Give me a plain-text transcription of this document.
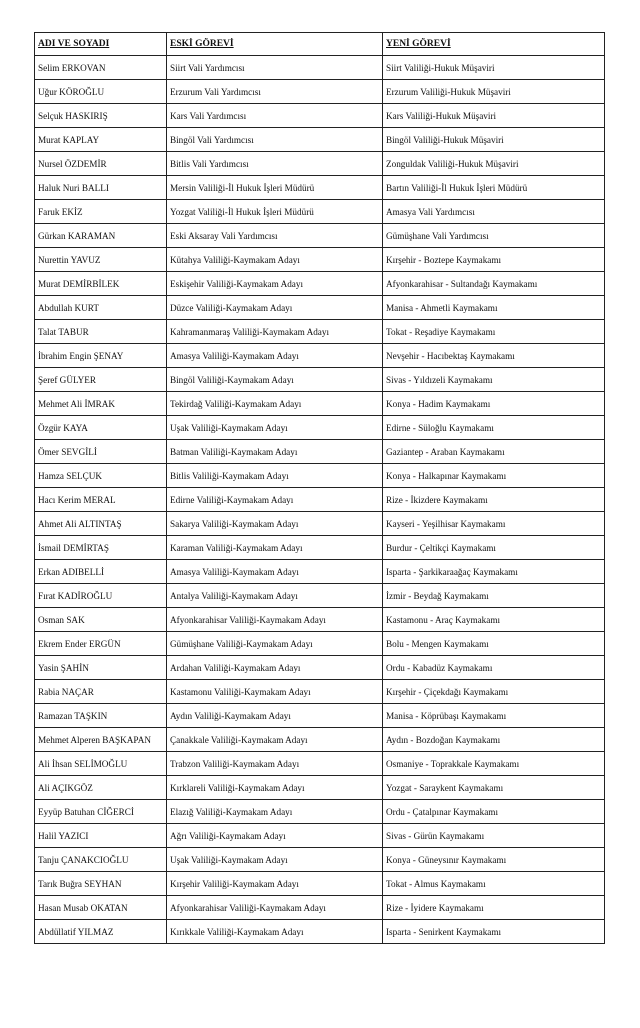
ADI VE SOYADI	ESKİ GÖREVİ	YENİ GÖREVİ
Selim ERKOVAN	Siirt Vali Yardımcısı	Siirt Valiliği-Hukuk Müşaviri
Uğur KÖROĞLU	Erzurum Vali Yardımcısı	Erzurum Valiliği-Hukuk Müşaviri
Selçuk HASKIRIŞ	Kars Vali Yardımcısı	Kars Valiliği-Hukuk Müşaviri
Murat KAPLAY	Bingöl Vali Yardımcısı	Bingöl Valiliği-Hukuk Müşaviri
Nursel ÖZDEMİR	Bitlis Vali Yardımcısı	Zonguldak Valiliği-Hukuk Müşaviri
Haluk Nuri BALLI	Mersin Valiliği-İl Hukuk İşleri Müdürü	Bartın Valiliği-İl Hukuk İşleri Müdürü
Faruk EKİZ	Yozgat Valiliği-İl Hukuk İşleri Müdürü	Amasya Vali Yardımcısı
Gürkan KARAMAN	Eski Aksaray Vali Yardımcısı	Gümüşhane Vali Yardımcısı
Nurettin YAVUZ	Kütahya Valiliği-Kaymakam Adayı	Kırşehir - Boztepe Kaymakamı
Murat DEMİRBİLEK	Eskişehir Valiliği-Kaymakam Adayı	Afyonkarahisar - Sultandağı Kaymakamı
Abdullah KURT	Düzce Valiliği-Kaymakam Adayı	Manisa - Ahmetli Kaymakamı
Talat TABUR	Kahramanmaraş Valiliği-Kaymakam Adayı	Tokat - Reşadiye Kaymakamı
İbrahim Engin ŞENAY	Amasya Valiliği-Kaymakam Adayı	Nevşehir - Hacıbektaş Kaymakamı
Şeref GÜLYER	Bingöl Valiliği-Kaymakam Adayı	Sivas - Yıldızeli Kaymakamı
Mehmet Ali İMRAK	Tekirdağ Valiliği-Kaymakam Adayı	Konya - Hadim Kaymakamı
Özgür KAYA	Uşak Valiliği-Kaymakam Adayı	Edirne - Süloğlu Kaymakamı
Ömer SEVGİLİ	Batman Valiliği-Kaymakam Adayı	Gaziantep - Araban Kaymakamı
Hamza SELÇUK	Bitlis Valiliği-Kaymakam Adayı	Konya - Halkapınar Kaymakamı
Hacı Kerim MERAL	Edirne Valiliği-Kaymakam Adayı	Rize - İkizdere Kaymakamı
Ahmet Ali ALTINTAŞ	Sakarya Valiliği-Kaymakam Adayı	Kayseri - Yeşilhisar Kaymakamı
İsmail DEMİRTAŞ	Karaman Valiliği-Kaymakam Adayı	Burdur - Çeltikçi Kaymakamı
Erkan ADIBELLİ	Amasya Valiliği-Kaymakam Adayı	Isparta - Şarkikaraağaç Kaymakamı
Fırat KADİROĞLU	Antalya Valiliği-Kaymakam Adayı	İzmir - Beydağ Kaymakamı
Osman SAK	Afyonkarahisar Valiliği-Kaymakam Adayı	Kastamonu - Araç Kaymakamı
Ekrem Ender ERGÜN	Gümüşhane Valiliği-Kaymakam Adayı	Bolu - Mengen Kaymakamı
Yasin ŞAHİN	Ardahan Valiliği-Kaymakam Adayı	Ordu - Kabadüz Kaymakamı
Rabia NAÇAR	Kastamonu Valiliği-Kaymakam Adayı	Kırşehir - Çiçekdağı Kaymakamı
Ramazan TAŞKIN	Aydın Valiliği-Kaymakam Adayı	Manisa - Köprübaşı Kaymakamı
Mehmet Alperen BAŞKAPAN	Çanakkale Valiliği-Kaymakam Adayı	Aydın - Bozdoğan Kaymakamı
Ali İhsan SELİMOĞLU	Trabzon Valiliği-Kaymakam Adayı	Osmaniye - Toprakkale Kaymakamı
Ali AÇIKGÖZ	Kırklareli Valiliği-Kaymakam Adayı	Yozgat - Saraykent Kaymakamı
Eyyüp Batuhan CİĞERCİ	Elazığ Valiliği-Kaymakam Adayı	Ordu - Çatalpınar Kaymakamı
Halil YAZICI	Ağrı Valiliği-Kaymakam Adayı	Sivas - Gürün Kaymakamı
Tanju ÇANAKCIOĞLU	Uşak Valiliği-Kaymakam Adayı	Konya - Güneysınır Kaymakamı
Tarık Buğra SEYHAN	Kırşehir Valiliği-Kaymakam Adayı	Tokat - Almus Kaymakamı
Hasan Musab OKATAN	Afyonkarahisar Valiliği-Kaymakam Adayı	Rize - İyidere Kaymakamı
Abdüllatif YILMAZ	Kırıkkale Valiliği-Kaymakam Adayı	Isparta - Senirkent Kaymakamı
